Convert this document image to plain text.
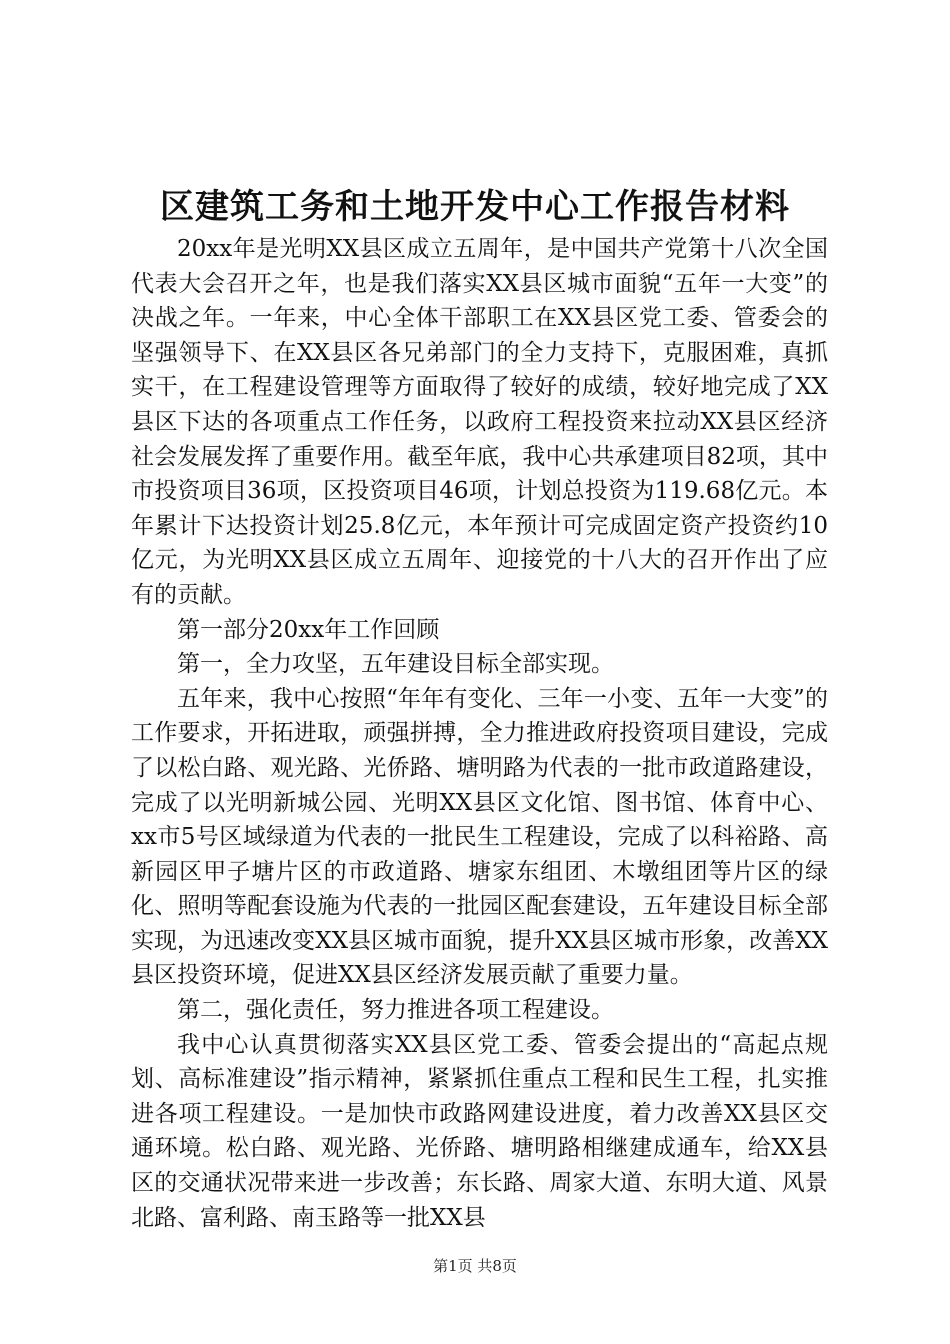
区建筑工务和土地开发中心工作报告材料

20xx年是光明XX县区成立五周年，是中国共产党第十八次全国代表大会召开之年，也是我们落实XX县区城市面貌“五年一大变”的决战之年。一年来，中心全体干部职工在XX县区党工委、管委会的坚强领导下、在XX县区各兄弟部门的全力支持下，克服困难，真抓实干，在工程建设管理等方面取得了较好的成绩，较好地完成了XX县区下达的各项重点工作任务，以政府工程投资来拉动XX县区经济社会发展发挥了重要作用。截至年底，我中心共承建项目82项，其中市投资项目36项，区投资项目46项，计划总投资为119.68亿元。本年累计下达投资计划25.8亿元，本年预计可完成固定资产投资约10亿元，为光明XX县区成立五周年、迎接党的十八大的召开作出了应有的贡献。

第一部分20xx年工作回顾

第一，全力攻坚，五年建设目标全部实现。

五年来，我中心按照“年年有变化、三年一小变、五年一大变”的工作要求，开拓进取，顽强拼搏，全力推进政府投资项目建设，完成了以松白路、观光路、光侨路、塘明路为代表的一批市政道路建设，完成了以光明新城公园、光明XX县区文化馆、图书馆、体育中心、xx市5号区域绿道为代表的一批民生工程建设，完成了以科裕路、高新园区甲子塘片区的市政道路、塘家东组团、木墩组团等片区的绿化、照明等配套设施为代表的一批园区配套建设，五年建设目标全部实现，为迅速改变XX县区城市面貌，提升XX县区城市形象，改善XX县区投资环境，促进XX县区经济发展贡献了重要力量。

第二，强化责任，努力推进各项工程建设。

我中心认真贯彻落实XX县区党工委、管委会提出的“高起点规划、高标准建设”指示精神，紧紧抓住重点工程和民生工程，扎实推进各项工程建设。一是加快市政路网建设进度，着力改善XX县区交通环境。松白路、观光路、光侨路、塘明路相继建成通车，给XX县区的交通状况带来进一步改善；东长路、周家大道、东明大道、风景北路、富利路、南玉路等一批XX县

第1页 共8页
